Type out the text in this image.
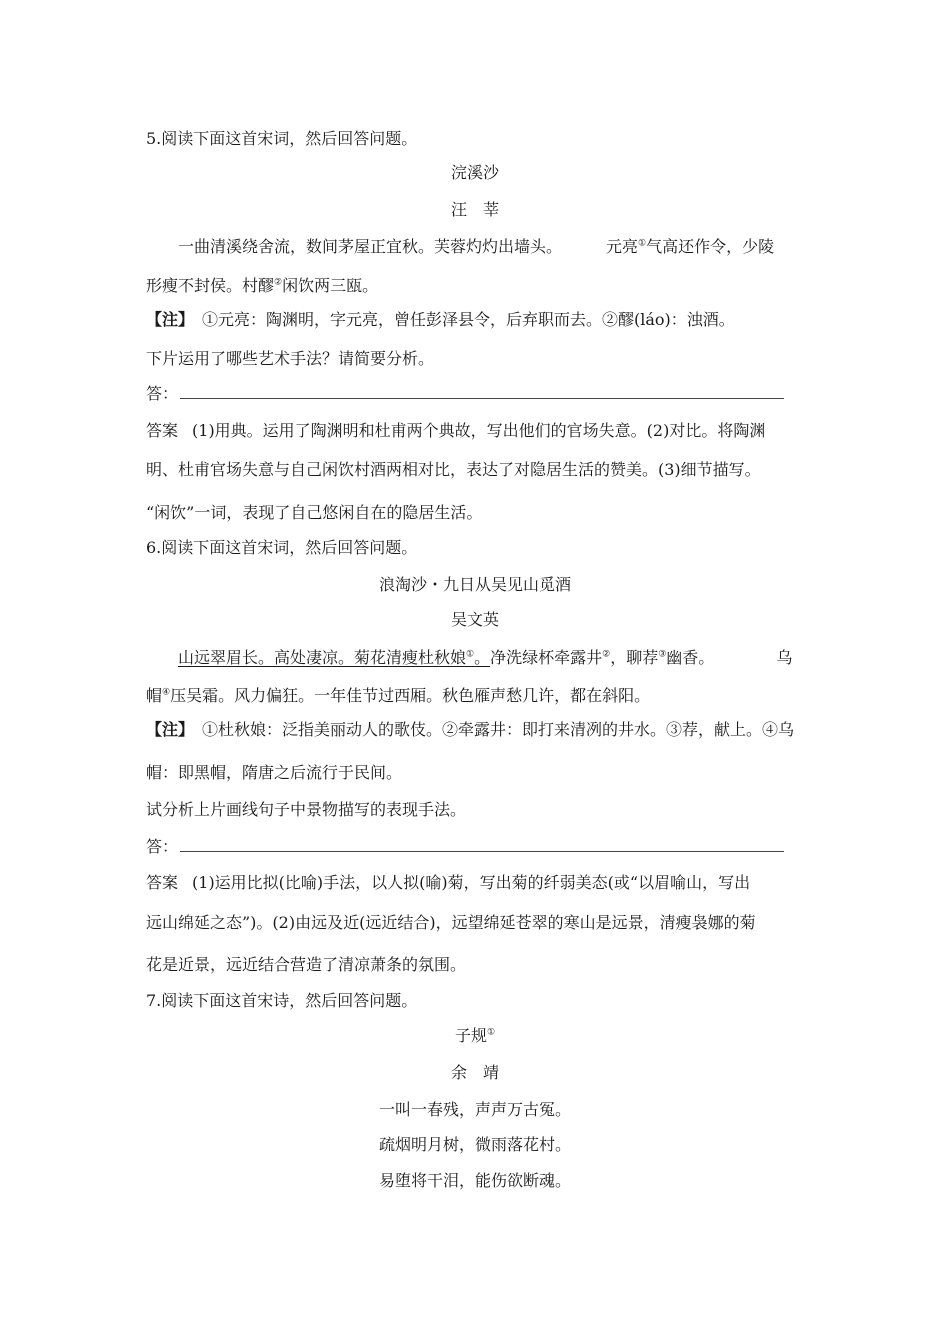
5.阅读下面这首宋词，然后回答问题。
浣溪沙
汪　莘
一曲清溪绕舍流，数间茅屋正宜秋。芙蓉灼灼出墙头。	元亮①气高还作令，少陵
形瘦不封侯。村醪②闲饮两三瓯。
【注】 ①元亮：陶渊明，字元亮，曾任彭泽县令，后弃职而去。②醪(láo)：浊酒。
下片运用了哪些艺术手法？请简要分析。
答：
答案 (1)用典。运用了陶渊明和杜甫两个典故，写出他们的官场失意。(2)对比。将陶渊
明、杜甫官场失意与自己闲饮村酒两相对比，表达了对隐居生活的赞美。(3)细节描写。
“闲饮”一词，表现了自己悠闲自在的隐居生活。
6.阅读下面这首宋词，然后回答问题。
浪淘沙・九日从吴见山觅酒
吴文英
山远翠眉长。高处凄凉。菊花清瘦杜秋娘①。净洗绿杯牵露井②，聊荐③幽香。	乌
帽④压吴霜。风力偏狂。一年佳节过西厢。秋色雁声愁几许，都在斜阳。
【注】 ①杜秋娘：泛指美丽动人的歌伎。②牵露井：即打来清冽的井水。③荐，献上。④乌
帽：即黑帽，隋唐之后流行于民间。
试分析上片画线句子中景物描写的表现手法。
答：
答案 (1)运用比拟(比喻)手法，以人拟(喻)菊，写出菊的纤弱美态(或“以眉喻山，写出
远山绵延之态”)。(2)由远及近(远近结合)，远望绵延苍翠的寒山是远景，清瘦袅娜的菊
花是近景，远近结合营造了清凉萧条的氛围。
7.阅读下面这首宋诗，然后回答问题。
子规①
余　靖
一叫一春残，声声万古冤。
疏烟明月树，微雨落花村。
易堕将干泪，能伤欲断魂。
